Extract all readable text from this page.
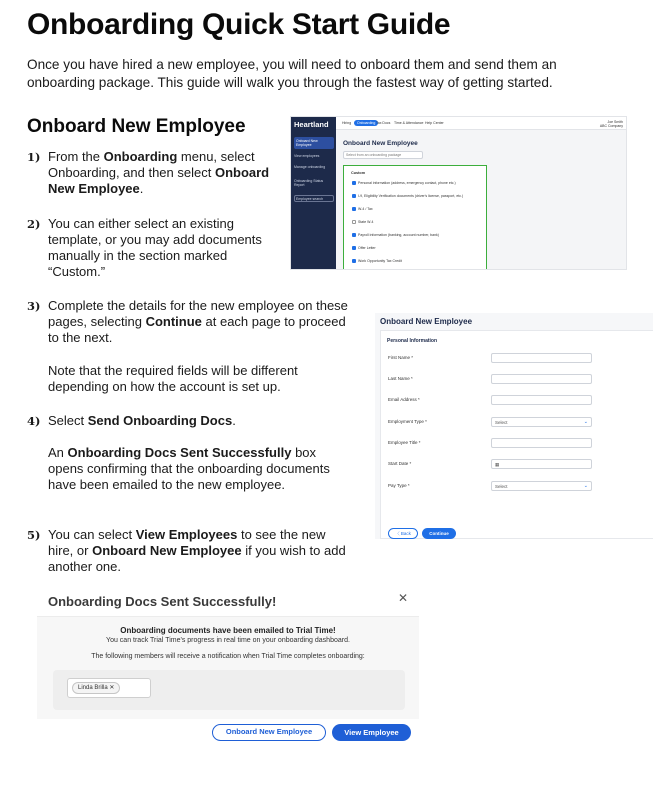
Onboarding Quick Start Guide
Once you have hired a new employee, you will need to onboard them and send them an onboarding package. This guide will walk you through the fastest way of getting started.
Onboard New Employee
1) From the Onboarding menu, select Onboarding, and then select Onboard New Employee.
2) You can either select an existing template, or you may add documents manually in the section marked “Custom.”
3) Complete the details for the new employee on these pages, selecting Continue at each page to proceed to the next.
Note that the required fields will be different depending on how the account is set up.
4) Select Send Onboarding Docs.
An Onboarding Docs Sent Successfully box opens confirming that the onboarding documents have been emailed to the new employee.
5) You can select View Employees to see the new hire, or Onboard New Employee if you wish to add another one.
Heartland
Onboard New Employee
View employees
Manage onboarding
Onboarding Status Report
Employee search
Hiring	Onboarding Tax Docs Time & Attendance Help Center	Joe Smith
ABC Company
Onboard New Employee
Select from an onboarding package
Custom
Personal information (address, emergency contact, phone etc.)
I-9, Eligibility Verification documents (driver's license, passport, etc.)
W-4 / Tax
State W-4
Payroll information (banking, account number, bank)
Offer Letter
Work Opportunity Tax Credit
Onboard New Employee
Personal Information
First Name *
Last Name *
Email Address *
Employment Type *	Select	⌄
Employee Title *
Start Date *	▦
Pay Type *	Select	⌄
〈 Back	Continue
Onboarding Docs Sent Successfully!	✕
Onboarding documents have been emailed to Trial Time!
You can track Trial Time's progress in real time on your onboarding dashboard.
The following members will receive a notification when Trial Time completes onboarding:
Linda Brilla ✕
Onboard New Employee	View Employee
